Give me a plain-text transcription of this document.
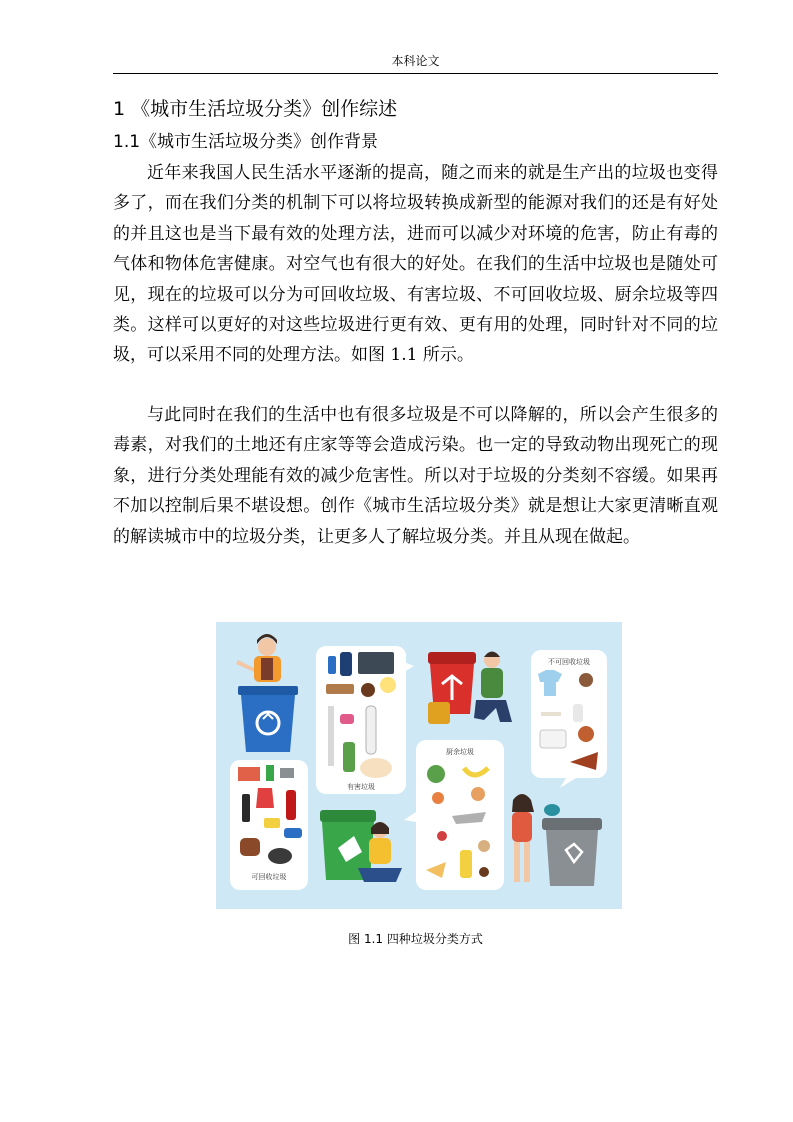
本科论文
1 《城市生活垃圾分类》创作综述
1.1《城市生活垃圾分类》创作背景

近年来我国人民生活水平逐渐的提高，随之而来的就是生产出的垃圾也变得多了，而在我们分类的机制下可以将垃圾转换成新型的能源对我们的还是有好处的并且这也是当下最有效的处理方法，进而可以减少对环境的危害，防止有毒的气体和物体危害健康。对空气也有很大的好处。在我们的生活中垃圾也是随处可见，现在的垃圾可以分为可回收垃圾、有害垃圾、不可回收垃圾、厨余垃圾等四类。这样可以更好的对这些垃圾进行更有效、更有用的处理，同时针对不同的垃圾，可以采用不同的处理方法。如图 1.1 所示。

与此同时在我们的生活中也有很多垃圾是不可以降解的，所以会产生很多的毒素，对我们的土地还有庄家等等会造成污染。也一定的导致动物出现死亡的现象，进行分类处理能有效的减少危害性。所以对于垃圾的分类刻不容缓。如果再不加以控制后果不堪设想。创作《城市生活垃圾分类》就是想让大家更清晰直观的解读城市中的垃圾分类，让更多人了解垃圾分类。并且从现在做起。

有害垃圾
不可回收垃圾
可回收垃圾
厨余垃圾
图 1.1 四种垃圾分类方式
